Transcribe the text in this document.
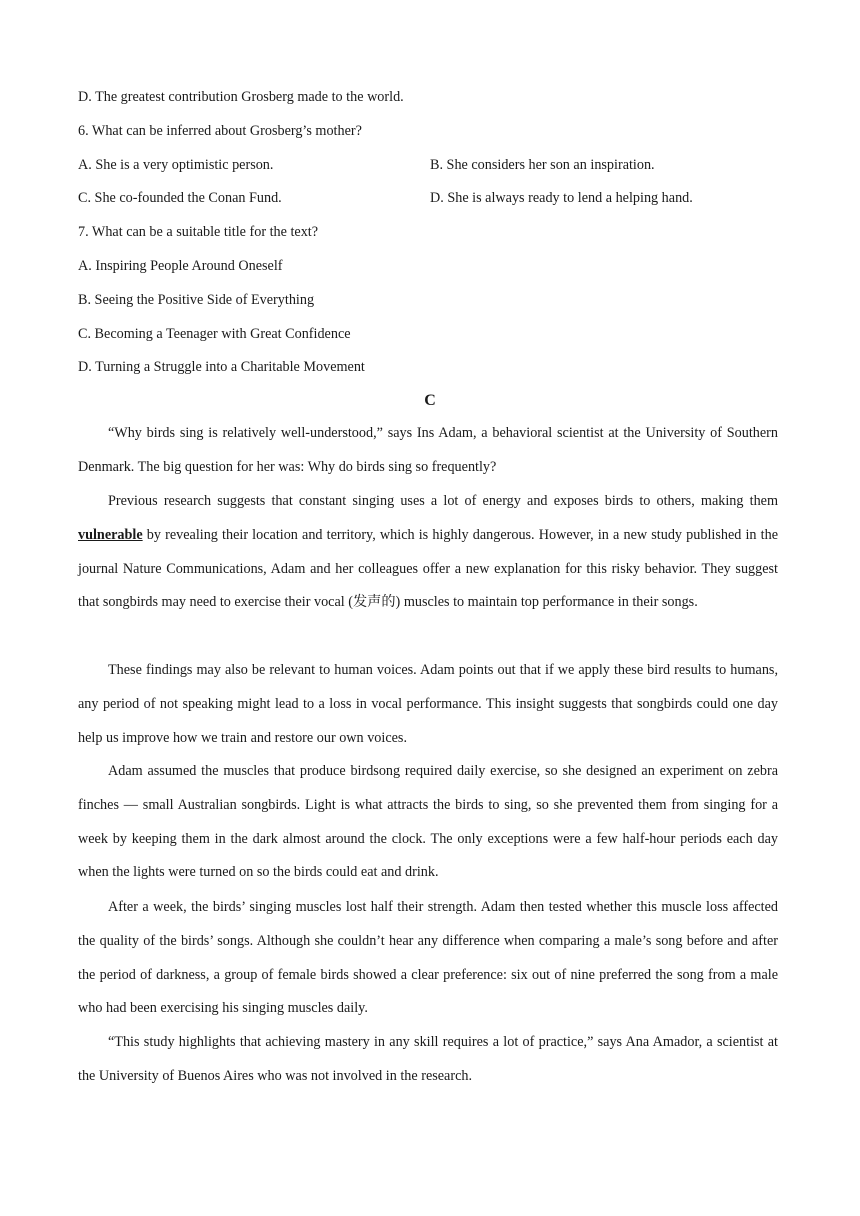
D. The greatest contribution Grosberg made to the world.
6. What can be inferred about Grosberg’s mother?
A. She is a very optimistic person.	B. She considers her son an inspiration.
C. She co-founded the Conan Fund.	D. She is always ready to lend a helping hand.
7. What can be a suitable title for the text?
A. Inspiring People Around Oneself
B. Seeing the Positive Side of Everything
C. Becoming a Teenager with Great Confidence
D. Turning a Struggle into a Charitable Movement
C
“Why birds sing is relatively well-understood,” says Ins Adam, a behavioral scientist at the University of Southern Denmark. The big question for her was: Why do birds sing so frequently?
Previous research suggests that constant singing uses a lot of energy and exposes birds to others, making them vulnerable by revealing their location and territory, which is highly dangerous. However, in a new study published in the journal Nature Communications, Adam and her colleagues offer a new explanation for this risky behavior. They suggest that songbirds may need to exercise their vocal (发声的) muscles to maintain top performance in their songs.
These findings may also be relevant to human voices. Adam points out that if we apply these bird results to humans, any period of not speaking might lead to a loss in vocal performance. This insight suggests that songbirds could one day help us improve how we train and restore our own voices.
Adam assumed the muscles that produce birdsong required daily exercise, so she designed an experiment on zebra finches — small Australian songbirds. Light is what attracts the birds to sing, so she prevented them from singing for a week by keeping them in the dark almost around the clock. The only exceptions were a few half-hour periods each day when the lights were turned on so the birds could eat and drink.
After a week, the birds’ singing muscles lost half their strength. Adam then tested whether this muscle loss affected the quality of the birds’ songs. Although she couldn’t hear any difference when comparing a male’s song before and after the period of darkness, a group of female birds showed a clear preference: six out of nine preferred the song from a male who had been exercising his singing muscles daily.
“This study highlights that achieving mastery in any skill requires a lot of practice,” says Ana Amador, a scientist at the University of Buenos Aires who was not involved in the research.
